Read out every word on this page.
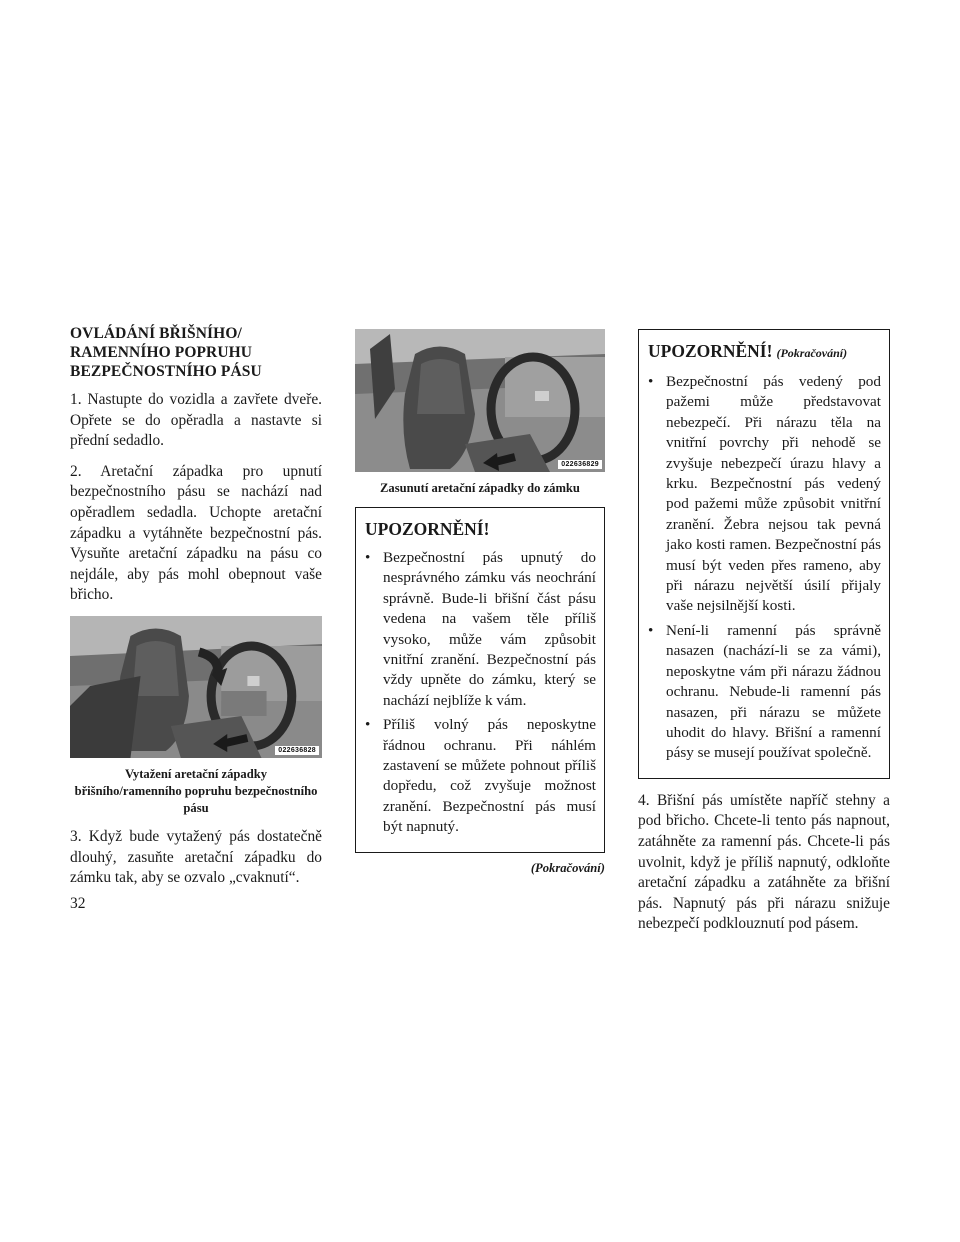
OVLÁDÁNÍ BŘIŠNÍHO/ RAMENNÍHO POPRUHU BEZPEČNOSTNÍHO PÁSU

1. Nastupte do vozidla a zavřete dveře. Opřete se do opěradla a nastavte si přední sedadlo.

2. Aretační západka pro upnutí bezpečnostního pásu se nachází nad opěradlem sedadla. Uchopte aretační západku a vytáhněte bezpečnostní pás. Vysuňte aretační západku na pásu co nejdále, aby pás mohl obepnout vaše břicho.

022636828
Vytažení aretační západky břišního/ramenního popruhu bezpečnostního pásu

3. Když bude vytažený pás dostatečně dlouhý, zasuňte aretační západku do zámku tak, aby se ozvalo „cvaknutí“.

022636829
Zasunutí aretační západky do zámku
UPOZORNĚNÍ!
• Bezpečnostní pás upnutý do nesprávného zámku vás neochrání správně. Bude-li břišní část pásu vedena na vašem těle příliš vysoko, může vám způsobit vnitřní zranění. Bezpečnostní pás vždy upněte do zámku, který se nachází nejblíže k vám.
• Příliš volný pás neposkytne řádnou ochranu. Při náhlém zastavení se můžete pohnout příliš dopředu, což zvyšuje možnost zranění. Bezpečnostní pás musí být napnutý.
(Pokračování)
UPOZORNĚNÍ! (Pokračování)
• Bezpečnostní pás vedený pod pažemi může představovat nebezpečí. Při nárazu těla na vnitřní povrchy při nehodě se zvyšuje nebezpečí úrazu hlavy a krku. Bezpečnostní pás vedený pod pažemi může způsobit vnitřní zranění. Žebra nejsou tak pevná jako kosti ramen. Bezpečnostní pás musí být veden přes rameno, aby při nárazu největší úsilí přijaly vaše nejsilnější kosti.
• Není-li ramenní pás správně nasazen (nachází-li se za vámi), neposkytne vám při nárazu žádnou ochranu. Nebude-li ramenní pás nasazen, při nárazu se můžete uhodit do hlavy. Břišní a ramenní pásy se musejí používat společně.

4. Břišní pás umístěte napříč stehny a pod břicho. Chcete-li tento pás napnout, zatáhněte za ramenní pás. Chcete-li pás uvolnit, když je příliš napnutý, odkloňte aretační západku a zatáhněte za břišní pás. Napnutý pás při nárazu snižuje nebezpečí podklouznutí pod pásem.

32
